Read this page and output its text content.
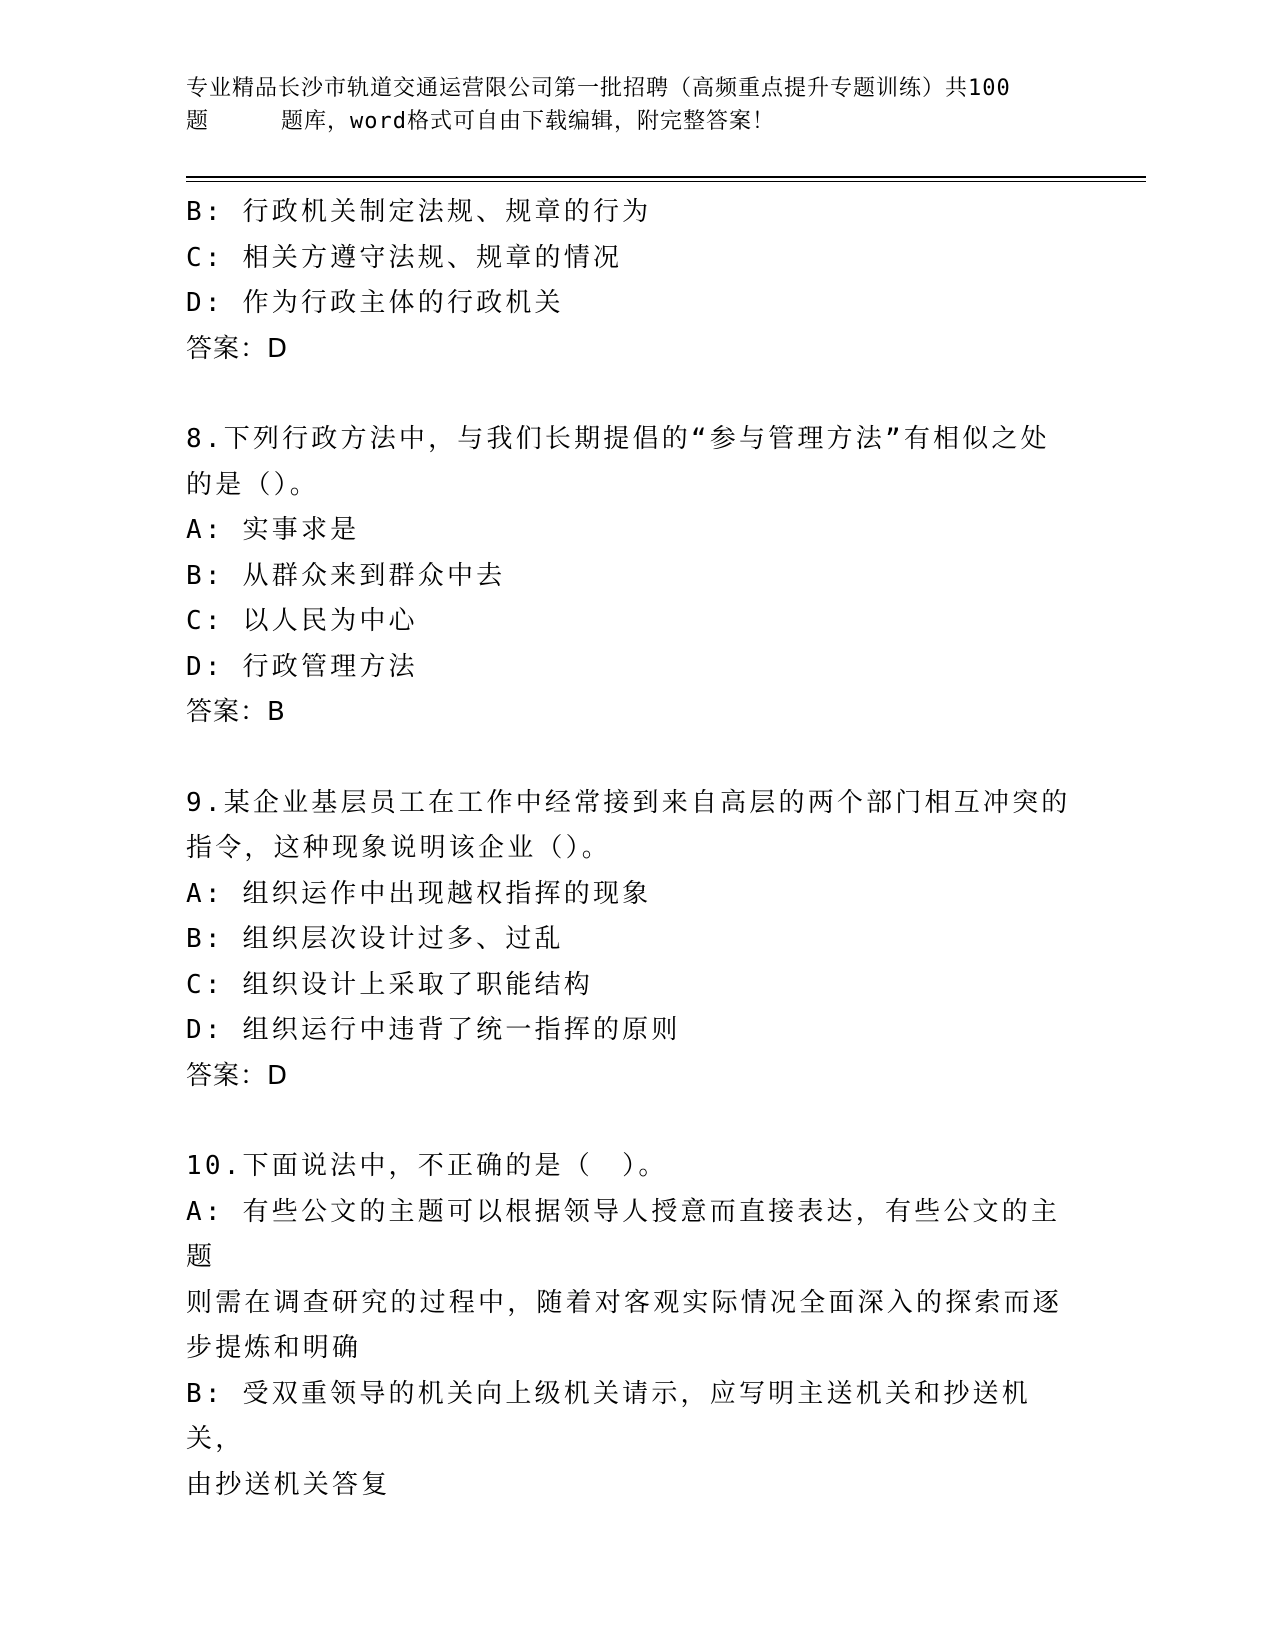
专业精品长沙市轨道交通运营限公司第一批招聘（高频重点提升专题训练）共100
题	题库，word格式可自由下载编辑，附完整答案！
B: 行政机关制定法规、规章的行为
C: 相关方遵守法规、规章的情况
D: 作为行政主体的行政机关
答案：D
8.下列行政方法中，与我们长期提倡的“参与管理方法”有相似之处
的是（）。
A: 实事求是
B: 从群众来到群众中去
C: 以人民为中心
D: 行政管理方法
答案：B
9.某企业基层员工在工作中经常接到来自高层的两个部门相互冲突的
指令，这种现象说明该企业（）。
A: 组织运作中出现越权指挥的现象
B: 组织层次设计过多、过乱
C: 组织设计上采取了职能结构
D: 组织运行中违背了统一指挥的原则
答案：D
10.下面说法中，不正确的是（　）。
A: 有些公文的主题可以根据领导人授意而直接表达，有些公文的主题
则需在调查研究的过程中，随着对客观实际情况全面深入的探索而逐
步提炼和明确
B: 受双重领导的机关向上级机关请示，应写明主送机关和抄送机关，
由抄送机关答复
